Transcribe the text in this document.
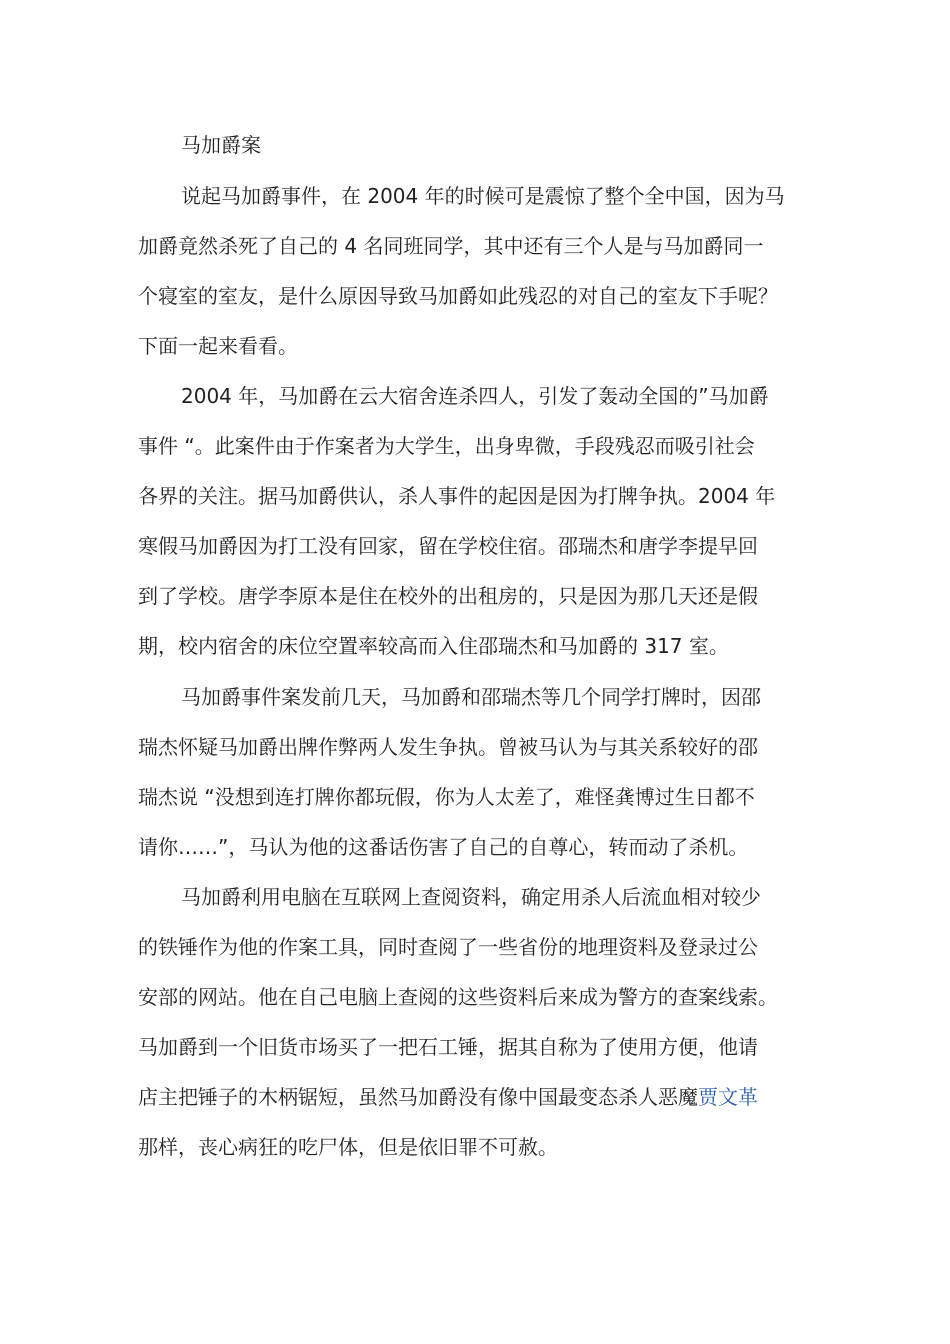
马加爵案
说起马加爵事件，在 2004 年的时候可是震惊了整个全中国，因为马
加爵竟然杀死了自己的 4 名同班同学，其中还有三个人是与马加爵同一
个寝室的室友，是什么原因导致马加爵如此残忍的对自己的室友下手呢？
下面一起来看看。
2004 年，马加爵在云大宿舍连杀四人，引发了轰动全国的”马加爵
事件 “。此案件由于作案者为大学生，出身卑微，手段残忍而吸引社会
各界的关注。据马加爵供认，杀人事件的起因是因为打牌争执。2004 年
寒假马加爵因为打工没有回家，留在学校住宿。邵瑞杰和唐学李提早回
到了学校。唐学李原本是住在校外的出租房的，只是因为那几天还是假
期，校内宿舍的床位空置率较高而入住邵瑞杰和马加爵的 317 室。
马加爵事件案发前几天，马加爵和邵瑞杰等几个同学打牌时，因邵
瑞杰怀疑马加爵出牌作弊两人发生争执。曾被马认为与其关系较好的邵
瑞杰说 “没想到连打牌你都玩假，你为人太差了，难怪龚博过生日都不
请你……”，马认为他的这番话伤害了自己的自尊心，转而动了杀机。
马加爵利用电脑在互联网上查阅资料，确定用杀人后流血相对较少
的铁锤作为他的作案工具，同时查阅了一些省份的地理资料及登录过公
安部的网站。他在自己电脑上查阅的这些资料后来成为警方的查案线索。
马加爵到一个旧货市场买了一把石工锤，据其自称为了使用方便，他请
店主把锤子的木柄锯短，虽然马加爵没有像中国最变态杀人恶魔贾文革
那样，丧心病狂的吃尸体，但是依旧罪不可赦。
